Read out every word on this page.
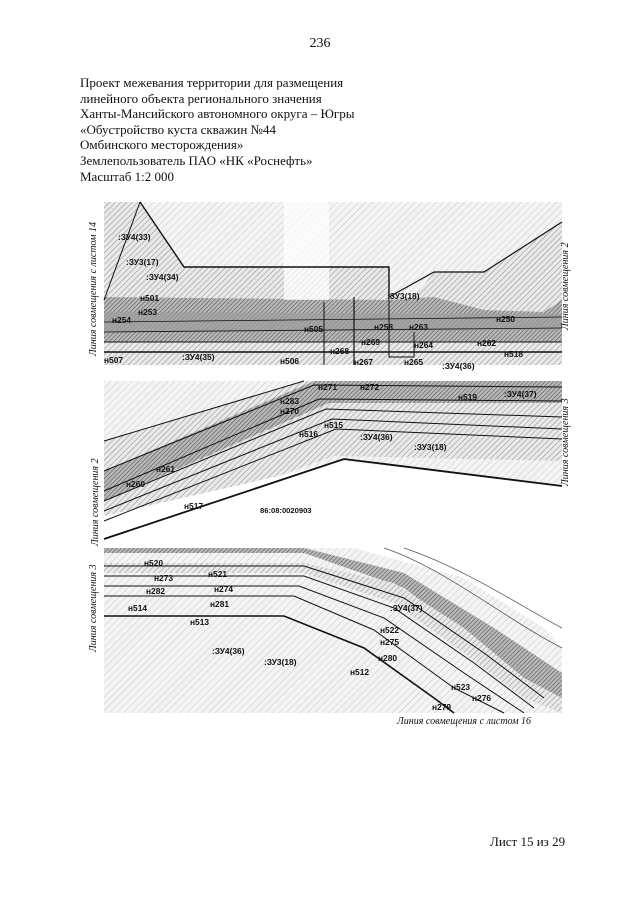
236
Проект межевания территории для размещения
линейного объекта регионального значения
Ханты-Мансийского автономного округа – Югры
«Обустройство куста скважин №44
Омбинского месторождения»
Землепользователь ПАО «НК «Роснефть»
Масштаб 1:2 000
:ЗУ4(33)
:ЗУ3(17)
:ЗУ4(34)
н501
н253
н254
н505
:ЗУ3(18)
н258 н263
н250
н268
н269	н264	н262
н518
н507	:ЗУ4(35)	н506	н267	н265 :ЗУ4(36)
н283
н271	н272
н270
н519	:ЗУ4(37)
н515
н516	:ЗУ4(36)
:ЗУ3(18)
н261
н260
н517	86:08:0020903
н520
н273	н521
н274
н282
н281
н514
н513
:ЗУ4(37)
н522
н275
н280
:ЗУ4(36)
:ЗУ3(18)
н512
н523
н276
н279
Линия совмещения с листом 14	Линия совмещения 2
Линия совмещения 2
Линия совмещения 3
Линия совмещения 3
Линия совмещения с листом 16
Лист 15 из 29
